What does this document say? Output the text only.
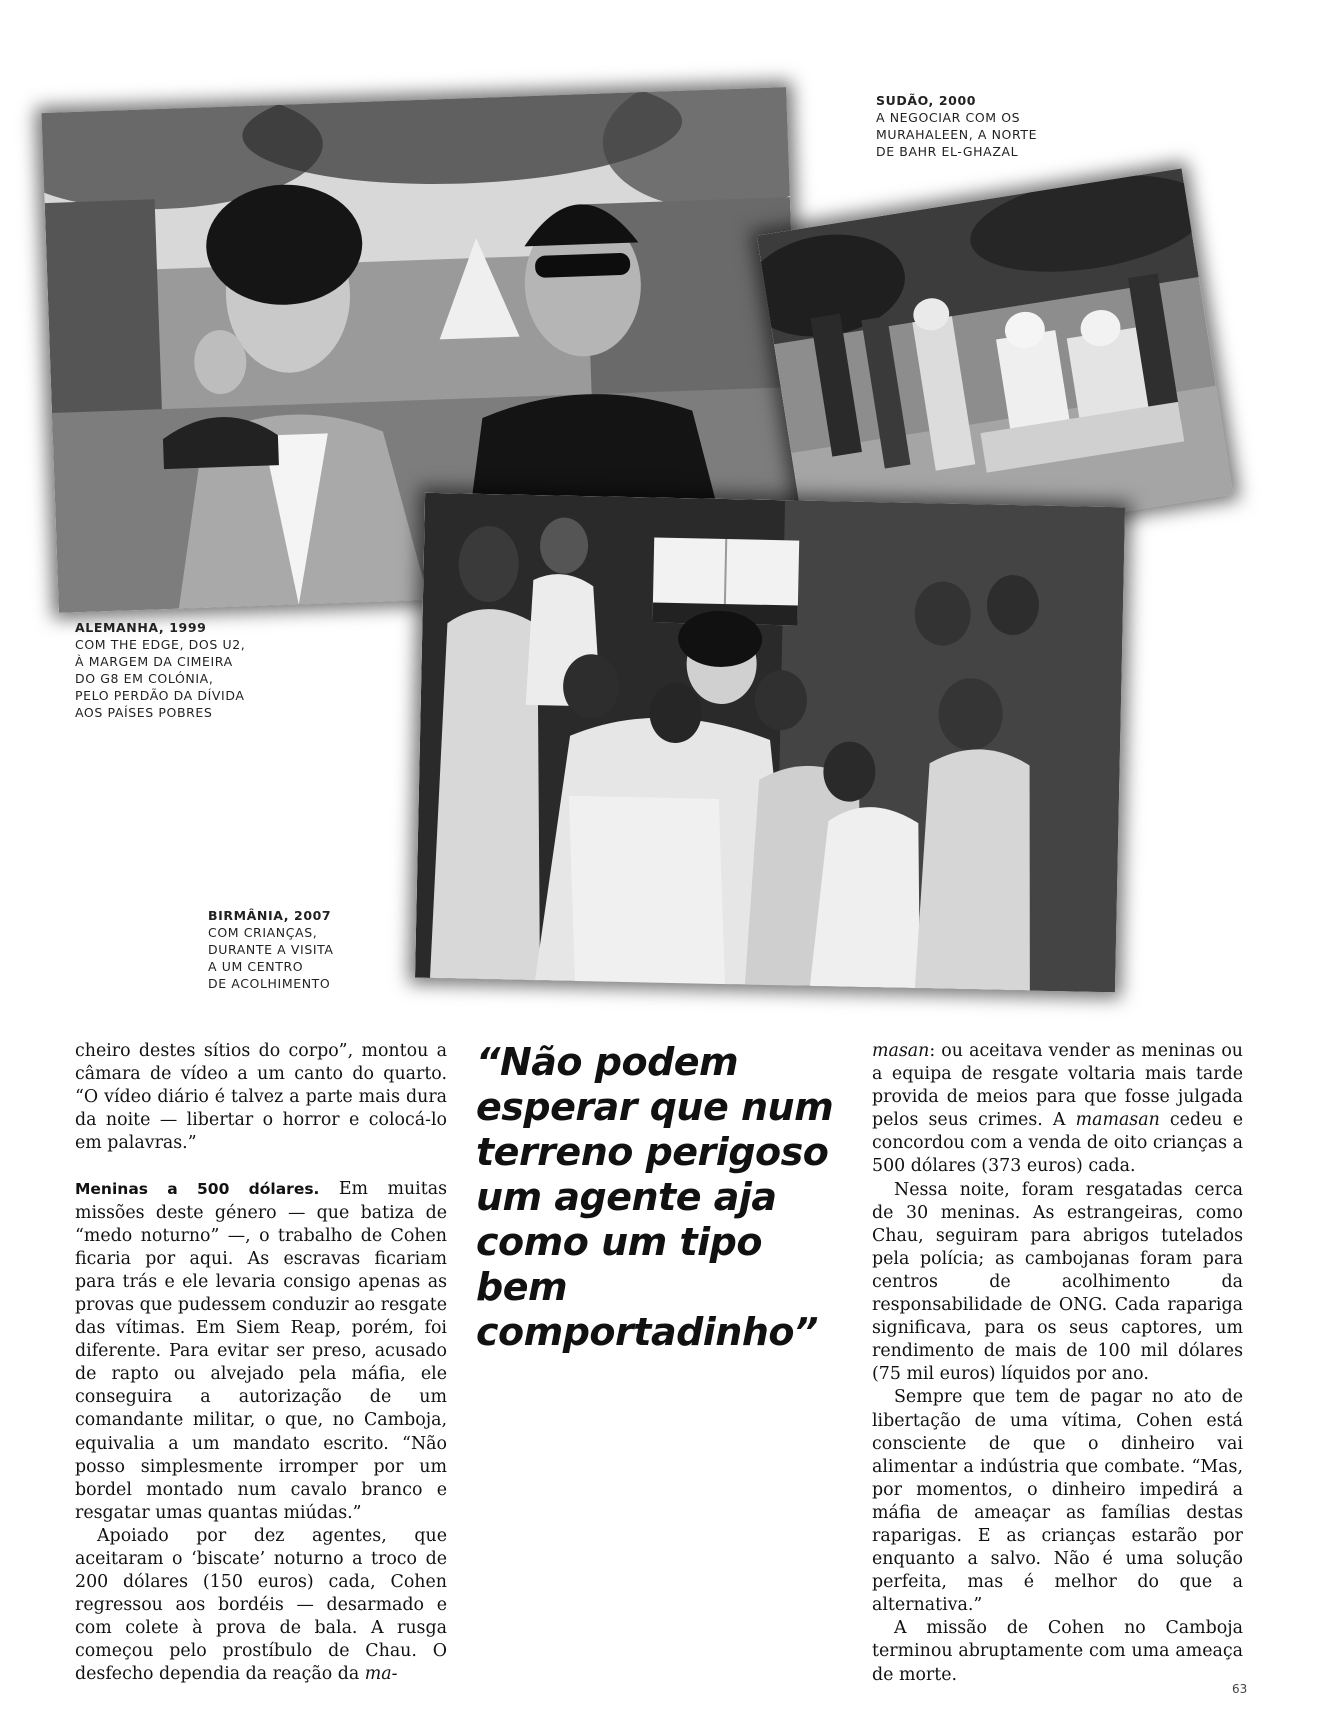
SUDÃO, 2000
A NEGOCIAR COM OS
MURAHALEEN, A NORTE
DE BAHR EL-GHAZAL
ALEMANHA, 1999
COM THE EDGE, DOS U2,
À MARGEM DA CIMEIRA
DO G8 EM COLÓNIA,
PELO PERDÃO DA DÍVIDA
AOS PAÍSES POBRES
BIRMÂNIA, 2007
COM CRIANÇAS,
DURANTE A VISITA
A UM CENTRO
DE ACOLHIMENTO

cheiro destes sítios do corpo”, montou a câmara de vídeo a um canto do quarto. “O vídeo diário é talvez a parte mais dura da noite — libertar o horror e colocá-lo em palavras.”

Meninas a 500 dólares. Em muitas missões deste género — que batiza de “medo noturno” —, o trabalho de Cohen ficaria por aqui. As escravas ficariam para trás e ele levaria consigo apenas as provas que pudessem conduzir ao resgate das vítimas. Em Siem Reap, porém, foi diferente. Para evitar ser preso, acusado de rapto ou alvejado pela máfia, ele conseguira a autorização de um comandante militar, o que, no Camboja, equivalia a um mandato escrito. “Não posso simplesmente irromper por um bordel montado num cavalo branco e resgatar umas quantas miúdas.”

Apoiado por dez agentes, que aceitaram o ‘biscate’ noturno a troco de 200 dólares (150 euros) cada, Cohen regressou aos bordéis — desarmado e com colete à prova de bala. A rusga começou pelo prostíbulo de Chau. O desfecho dependia da reação da ma-

“Não podem esperar que num terreno perigoso um agente aja como um tipo bem comportadinho”

masan: ou aceitava vender as meninas ou a equipa de resgate voltaria mais tarde provida de meios para que fosse julgada pelos seus crimes. A mamasan cedeu e concordou com a venda de oito crianças a 500 dólares (373 euros) cada.

Nessa noite, foram resgatadas cerca de 30 meninas. As estrangeiras, como Chau, seguiram para abrigos tutelados pela polícia; as cambojanas foram para centros de acolhimento da responsabilidade de ONG. Cada rapariga significava, para os seus captores, um rendimento de mais de 100 mil dólares (75 mil euros) líquidos por ano.

Sempre que tem de pagar no ato de libertação de uma vítima, Cohen está consciente de que o dinheiro vai alimentar a indústria que combate. “Mas, por momentos, o dinheiro impedirá a máfia de ameaçar as famílias destas raparigas. E as crianças estarão por enquanto a salvo. Não é uma solução perfeita, mas é melhor do que a alternativa.”

A missão de Cohen no Camboja terminou abruptamente com uma ameaça de morte.

63
